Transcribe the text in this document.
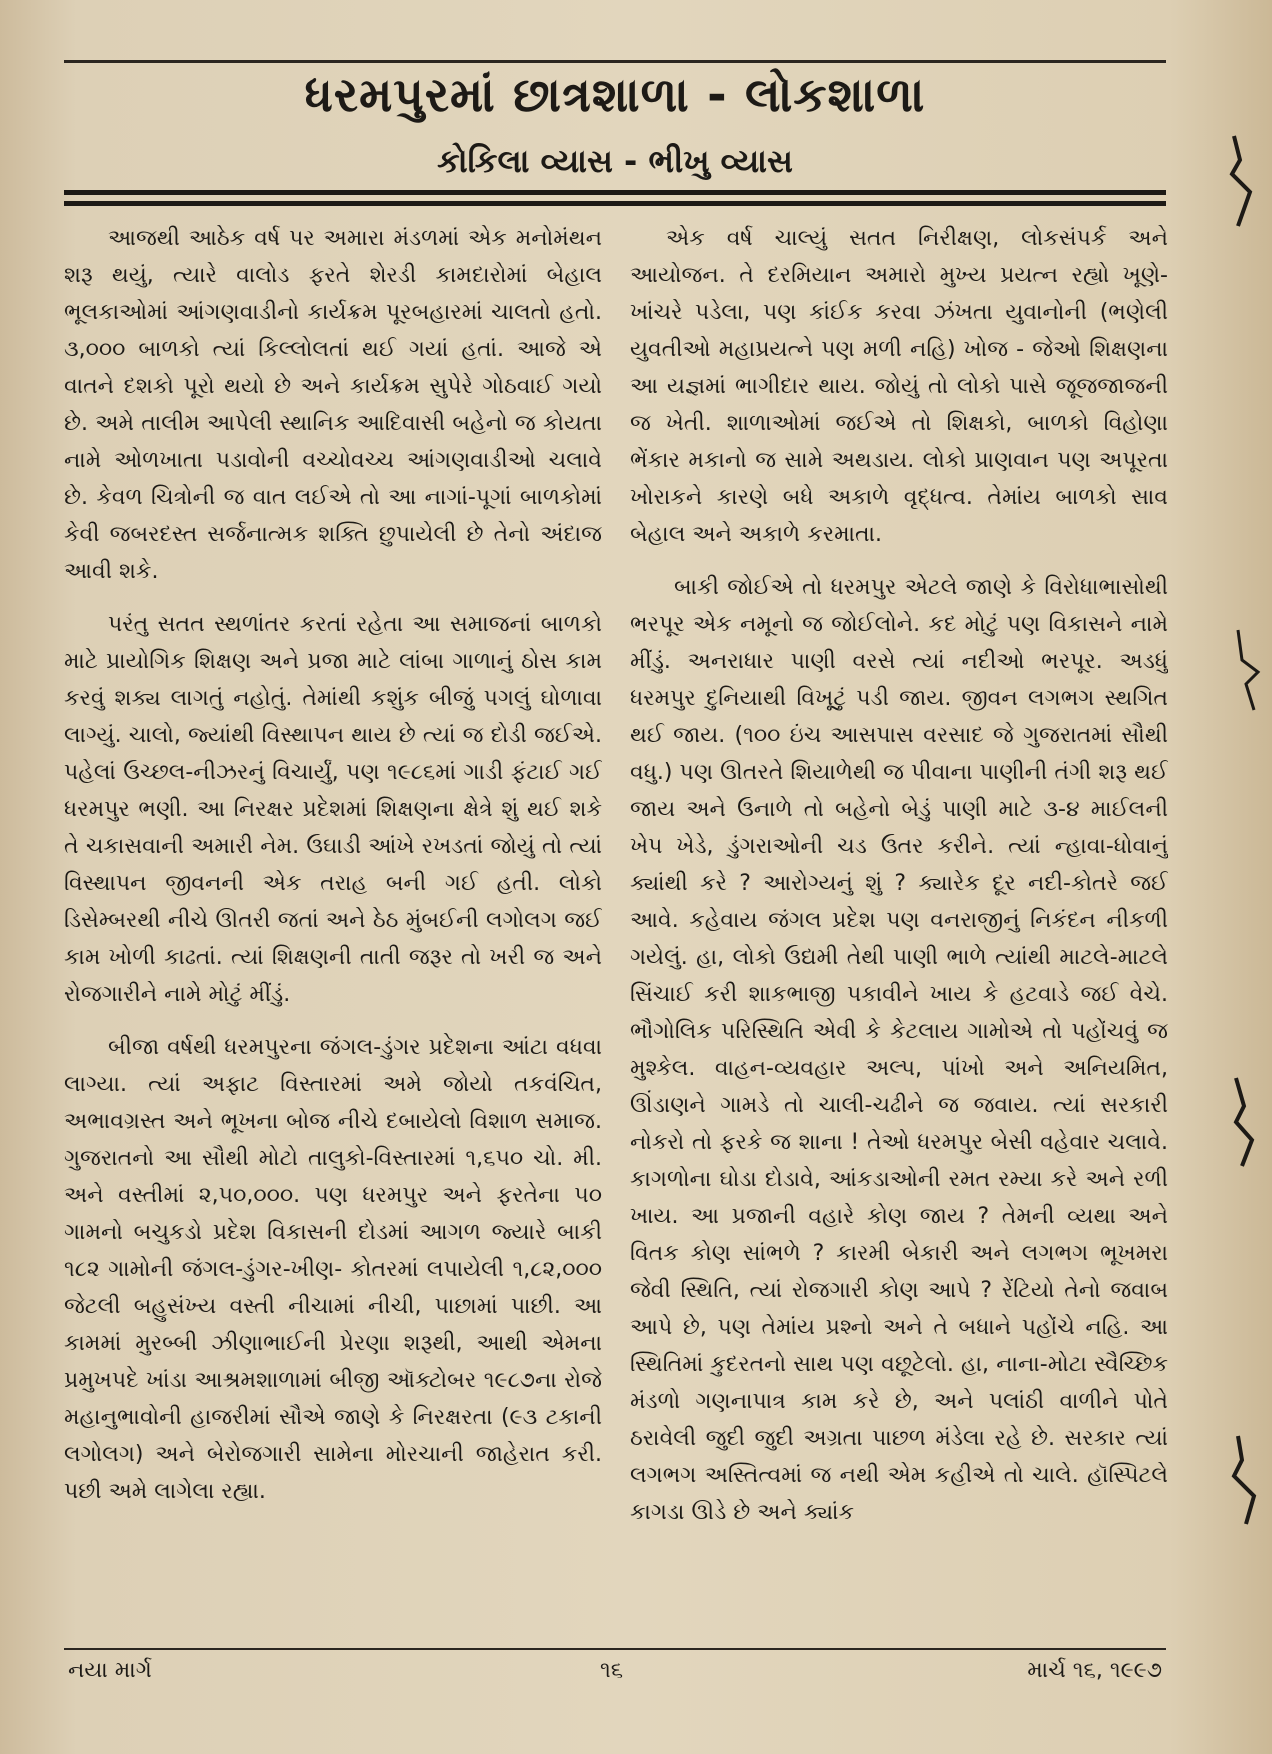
ધરમપુરમાં છાત્રશાળા - લોકશાળા
કોકિલા વ્યાસ - ભીખુ વ્યાસ

આજથી આઠેક વર્ષ પર અમારા મંડળમાં એક મનોમંથન શરૂ થયું, ત્યારે વાલોડ ફરતે શેરડી કામદારોમાં બેહાલ ભૂલકાઓમાં આંગણવાડીનો કાર્યક્રમ પૂરબહારમાં ચાલતો હતો. ૩,૦૦૦ બાળકો ત્યાં કિલ્લોલતાં થઈ ગયાં હતાં. આજે એ વાતને દશકો પૂરો થયો છે અને કાર્યક્રમ સુપેરે ગોઠવાઈ ગયો છે. અમે તાલીમ આપેલી સ્થાનિક આદિવાસી બહેનો જ કોયતા નામે ઓળખાતા પડાવોની વચ્ચોવચ્ચ આંગણવાડીઓ ચલાવે છે. કેવળ ચિત્રોની જ વાત લઈએ તો આ નાગાં-પૂગાં બાળકોમાં કેવી જબરદસ્ત સર્જનાત્મક શક્તિ છુપાયેલી છે તેનો અંદાજ આવી શકે.

પરંતુ સતત સ્થળાંતર કરતાં રહેતા આ સમાજનાં બાળકો માટે પ્રાયોગિક શિક્ષણ અને પ્રજા માટે લાંબા ગાળાનું ઠોસ કામ કરવું શક્ય લાગતું નહોતું. તેમાંથી કશુંક બીજું પગલું ઘોળાવા લાગ્યું. ચાલો, જ્યાંથી વિસ્થાપન થાય છે ત્યાં જ દોડી જઈએ. પહેલાં ઉચ્છલ-નીઝરનું વિચાર્યું, પણ ૧૯૮૬માં ગાડી ફંટાઈ ગઈ ધરમપુર ભણી. આ નિરક્ષર પ્રદેશમાં શિક્ષણના ક્ષેત્રે શું થઈ શકે તે ચકાસવાની અમારી નેમ. ઉઘાડી આંખે રખડતાં જોયું તો ત્યાં વિસ્થાપન જીવનની એક તરાહ બની ગઈ હતી. લોકો ડિસેમ્બરથી નીચે ઊતરી જતાં અને ઠેઠ મુંબઈની લગોલગ જઈ કામ ખોળી કાઢતાં. ત્યાં શિક્ષણની તાતી જરૂર તો ખરી જ અને રોજગારીને નામે મોટું મીંડું.

બીજા વર્ષથી ધરમપુરના જંગલ-ડુંગર પ્રદેશના આંટા વધવા લાગ્યા. ત્યાં અફાટ વિસ્તારમાં અમે જોયો તકવંચિત, અભાવગ્રસ્ત અને ભૂખના બોજ નીચે દબાયેલો વિશાળ સમાજ. ગુજરાતનો આ સૌથી મોટો તાલુકો-વિસ્તારમાં ૧,૬૫૦ ચો. મી. અને વસ્તીમાં ૨,૫૦,૦૦૦. પણ ધરમપુર અને ફરતેના ૫૦ ગામનો બચુકડો પ્રદેશ વિકાસની દોડમાં આગળ જ્યારે બાકી ૧૮૨ ગામોની જંગલ-ડુંગર-ખીણ- કોતરમાં લપાયેલી ૧,૮૨,૦૦૦ જેટલી બહુસંખ્ય વસ્તી નીચામાં નીચી, પાછામાં પાછી. આ કામમાં મુરબ્બી ઝીણાભાઈની પ્રેરણા શરૂથી, આથી એમના પ્રમુખપદે ખાંડા આશ્રમશાળામાં બીજી ઑક્ટોબર ૧૯૮૭ના રોજે મહાનુભાવોની હાજરીમાં સૌએ જાણે કે નિરક્ષરતા (૯૩ ટકાની લગોલગ) અને બેરોજગારી સામેના મોરચાની જાહેરાત કરી. પછી અમે લાગેલા રહ્યા.

એક વર્ષ ચાલ્યું સતત નિરીક્ષણ, લોકસંપર્ક અને આયોજન. તે દરમિયાન અમારો મુખ્ય પ્રયત્ન રહ્યો ખૂણે-ખાંચરે પડેલા, પણ કાંઈક કરવા ઝંખતા યુવાનોની (ભણેલી યુવતીઓ મહાપ્રયત્ને પણ મળી નહિ) ખોજ - જેઓ શિક્ષણના આ યજ્ઞમાં ભાગીદાર થાય. જોયું તો લોકો પાસે જૂજજાજની જ ખેતી. શાળાઓમાં જઈએ તો શિક્ષકો, બાળકો વિહોણા ભેંકાર મકાનો જ સામે અથડાય. લોકો પ્રાણવાન પણ અપૂરતા ખોરાકને કારણે બધે અકાળે વૃદ્ધત્વ. તેમાંય બાળકો સાવ બેહાલ અને અકાળે કરમાતા.

બાકી જોઈએ તો ધરમપુર એટલે જાણે કે વિરોધાભાસોથી ભરપૂર એક નમૂનો જ જોઈલોને. કદ મોટું પણ વિકાસને નામે મીંડું. અનરાધાર પાણી વરસે ત્યાં નદીઓ ભરપૂર. અડધું ધરમપુર દુનિયાથી વિખૂટું પડી જાય. જીવન લગભગ સ્થગિત થઈ જાય. (૧૦૦ ઇંચ આસપાસ વરસાદ જે ગુજરાતમાં સૌથી વધુ.) પણ ઊતરતે શિયાળેથી જ પીવાના પાણીની તંગી શરૂ થઈ જાય અને ઉનાળે તો બહેનો બેડું પાણી માટે ૩-૪ માઈલની ખેપ ખેડે, ડુંગરાઓની ચડ ઉતર કરીને. ત્યાં ન્હાવા-ધોવાનું ક્યાંથી કરે ? આરોગ્યનું શું ? ક્યારેક દૂર નદી-કોતરે જઈ આવે. કહેવાય જંગલ પ્રદેશ પણ વનરાજીનું નિકંદન નીકળી ગયેલું. હા, લોકો ઉદ્યમી તેથી પાણી ભાળે ત્યાંથી માટલે-માટલે સિંચાઈ કરી શાકભાજી પકાવીને ખાય કે હટવાડે જઈ વેચે. ભૌગોલિક પરિસ્થિતિ એવી કે કેટલાય ગામોએ તો પહોંચવું જ મુશ્કેલ. વાહન-વ્યવહાર અલ્પ, પાંખો અને અનિયમિત, ઊંડાણને ગામડે તો ચાલી-ચઢીને જ જવાય. ત્યાં સરકારી નોકરો તો ફરકે જ શાના ! તેઓ ધરમપુર બેસી વહેવાર ચલાવે. કાગળોના ઘોડા દોડાવે, આંકડાઓની રમત રમ્યા કરે અને રળી ખાય. આ પ્રજાની વહારે કોણ જાય ? તેમની વ્યથા અને વિતક કોણ સાંભળે ? કારમી બેકારી અને લગભગ ભૂખમરા જેવી સ્થિતિ, ત્યાં રોજગારી કોણ આપે ? રેંટિયો તેનો જવાબ આપે છે, પણ તેમાંય પ્રશ્નો અને તે બધાને પહોંચે નહિ. આ સ્થિતિમાં કુદરતનો સાથ પણ વછૂટેલો. હા, નાના-મોટા સ્વૈચ્છિક મંડળો ગણનાપાત્ર કામ કરે છે, અને પલાંઠી વાળીને પોતે ઠરાવેલી જુદી જુદી અગ્રતા પાછળ મંડેલા રહે છે. સરકાર ત્યાં લગભગ અસ્તિત્વમાં જ નથી એમ કહીએ તો ચાલે. હૉસ્પિટલે કાગડા ઊડે છે અને ક્યાંક

નયા માર્ગ	૧૬	માર્ચ ૧૬, ૧૯૯૭
